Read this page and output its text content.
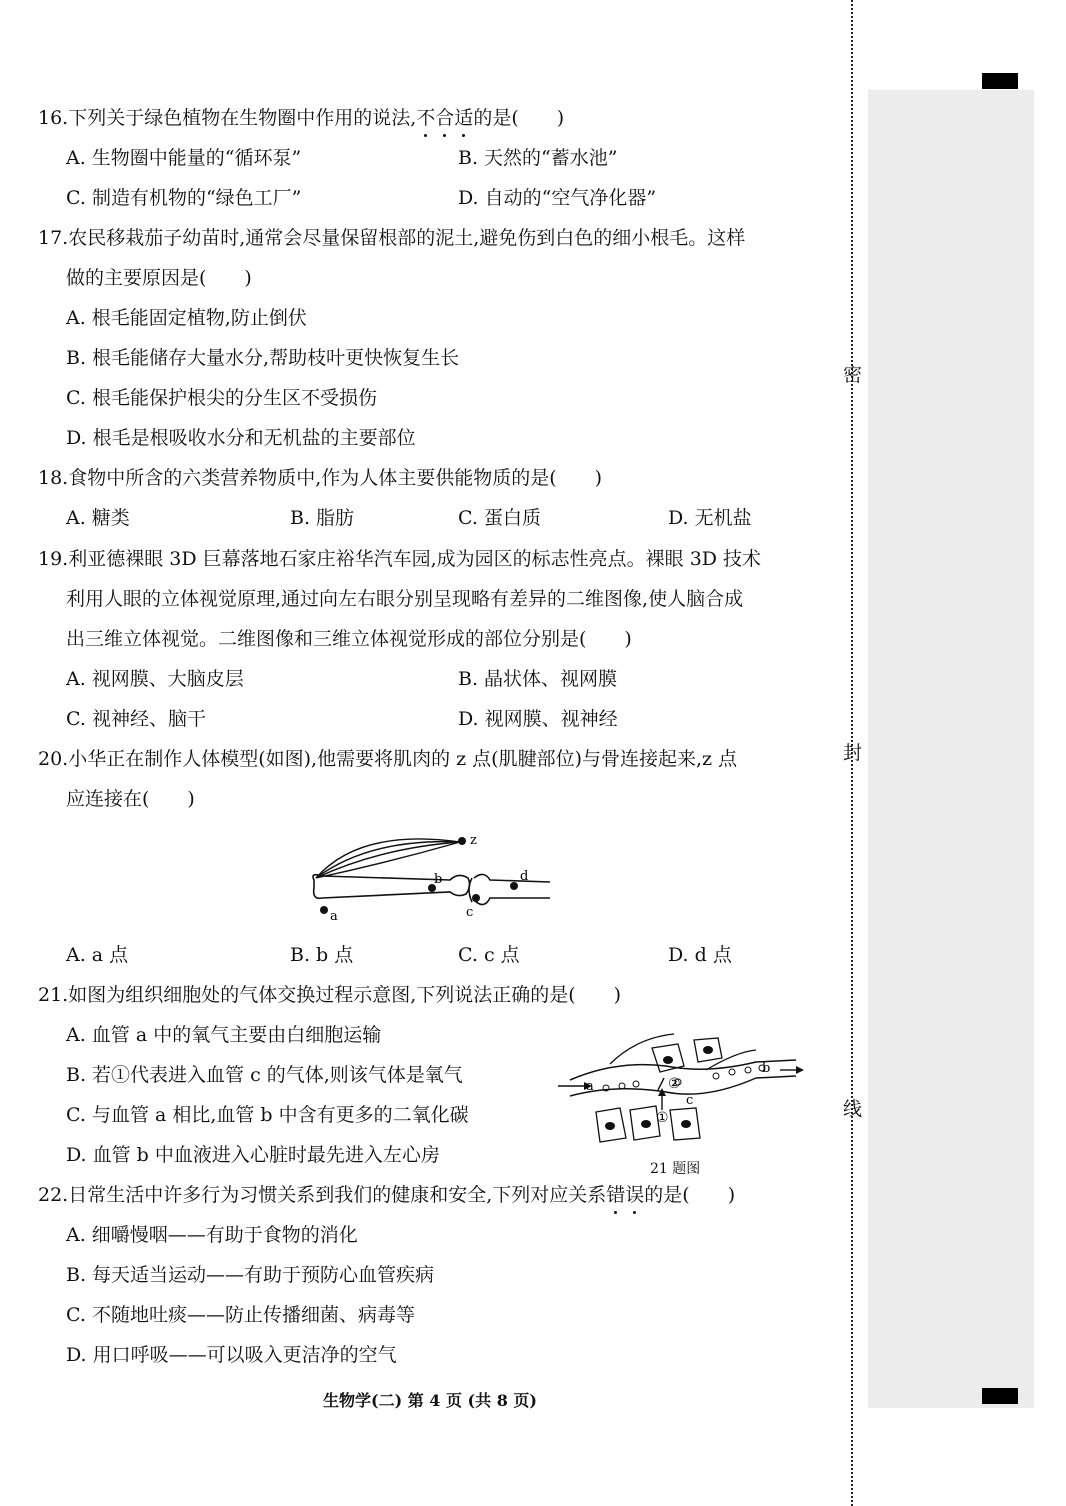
密
封
线
16.下列关于绿色植物在生物圈中作用的说法,不合适的是(　　)
A. 生物圈中能量的“循环泵”	B. 天然的“蓄水池”
C. 制造有机物的“绿色工厂”	D. 自动的“空气净化器”
17.农民移栽茄子幼苗时,通常会尽量保留根部的泥土,避免伤到白色的细小根毛。这样
做的主要原因是(　　)
A. 根毛能固定植物,防止倒伏
B. 根毛能储存大量水分,帮助枝叶更快恢复生长
C. 根毛能保护根尖的分生区不受损伤
D. 根毛是根吸收水分和无机盐的主要部位
18.食物中所含的六类营养物质中,作为人体主要供能物质的是(　　)
A. 糖类	B. 脂肪	C. 蛋白质	D. 无机盐
19.利亚德裸眼 3D 巨幕落地石家庄裕华汽车园,成为园区的标志性亮点。裸眼 3D 技术
利用人眼的立体视觉原理,通过向左右眼分别呈现略有差异的二维图像,使人脑合成
出三维立体视觉。二维图像和三维立体视觉形成的部位分别是(　　)
A. 视网膜、大脑皮层	B. 晶状体、视网膜
C. 视神经、脑干	D. 视网膜、视神经
20.小华正在制作人体模型(如图),他需要将肌肉的 z 点(肌腱部位)与骨连接起来,z 点
应连接在(　　)
z
a
b
c
d
A. a 点	B. b 点	C. c 点	D. d 点
21.如图为组织细胞处的气体交换过程示意图,下列说法正确的是(　　)
A. 血管 a 中的氧气主要由白细胞运输
B. 若①代表进入血管 c 的气体,则该气体是氧气
C. 与血管 a 相比,血管 b 中含有更多的二氧化碳
D. 血管 b 中血液进入心脏时最先进入左心房
a
b
c
①
②
21 题图
22.日常生活中许多行为习惯关系到我们的健康和安全,下列对应关系错误的是(　　)
A. 细嚼慢咽——有助于食物的消化
B. 每天适当运动——有助于预防心血管疾病
C. 不随地吐痰——防止传播细菌、病毒等
D. 用口呼吸——可以吸入更洁净的空气
生物学(二) 第 4 页 (共 8 页)
